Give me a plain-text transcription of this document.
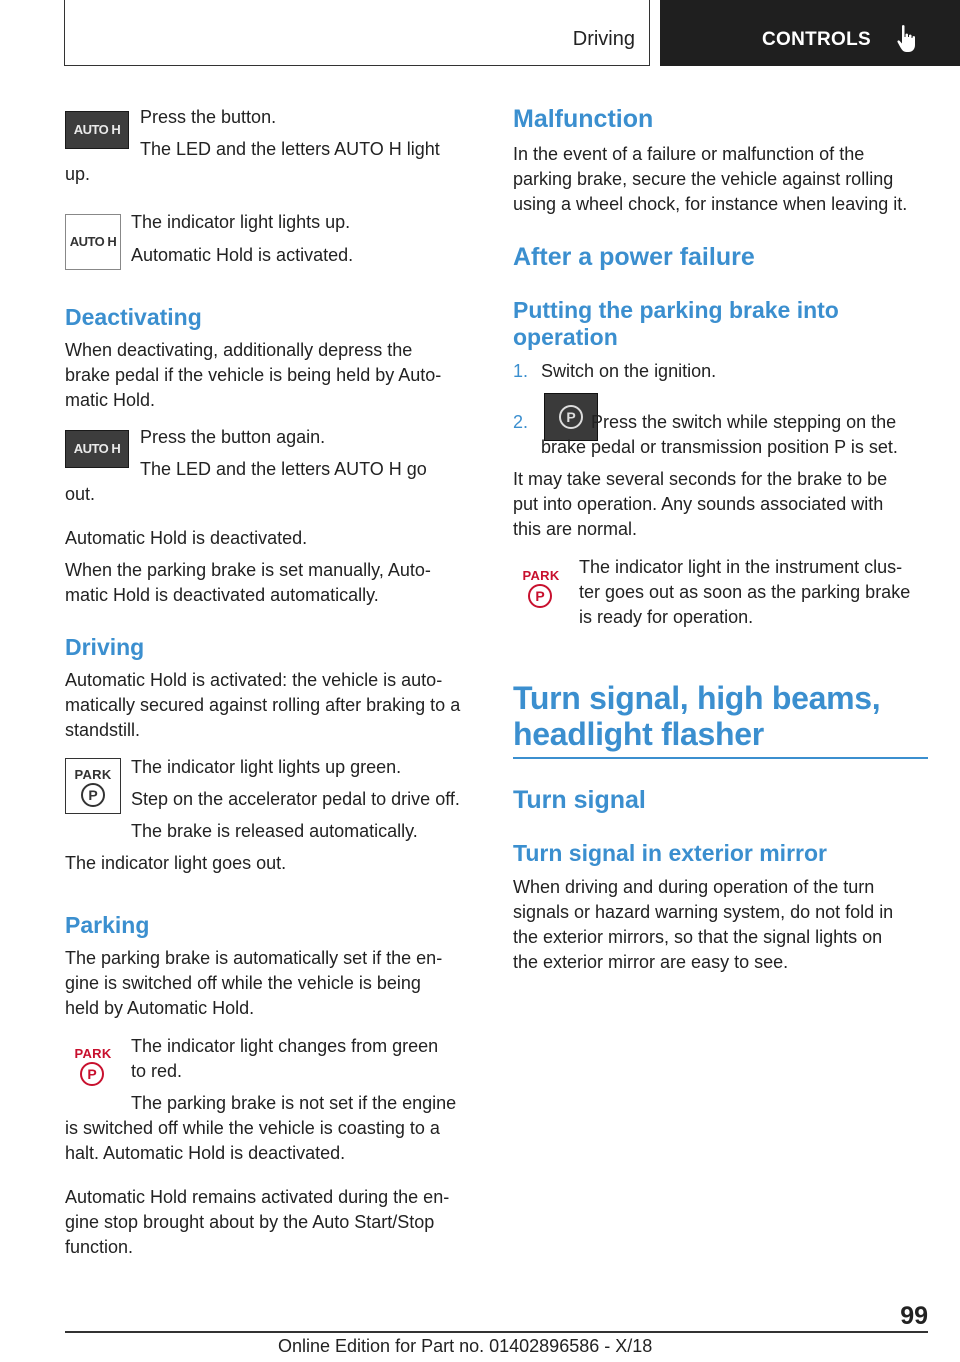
Driving	CONTROLS
AUTO H
Press the button.
The LED and the letters AUTO H light
up.
AUTO H
The indicator light lights up.
Automatic Hold is activated.
Deactivating
When deactivating, additionally depress the
brake pedal if the vehicle is being held by Auto‐
matic Hold.
AUTO H
Press the button again.
The LED and the letters AUTO H go
out.
Automatic Hold is deactivated.
When the parking brake is set manually, Auto‐
matic Hold is deactivated automatically.
Driving
Automatic Hold is activated: the vehicle is auto‐
matically secured against rolling after braking to a
standstill.
PARK
P
The indicator light lights up green.
Step on the accelerator pedal to drive off.
The brake is released automatically.
The indicator light goes out.
Parking
The parking brake is automatically set if the en‐
gine is switched off while the vehicle is being
held by Automatic Hold.
PARK
P
The indicator light changes from green
to red.
The parking brake is not set if the engine
is switched off while the vehicle is coasting to a
halt. Automatic Hold is deactivated.
Automatic Hold remains activated during the en‐
gine stop brought about by the Auto Start/Stop
function.
Malfunction
In the event of a failure or malfunction of the
parking brake, secure the vehicle against rolling
using a wheel chock, for instance when leaving it.
After a power failure
Putting the parking brake into
operation
1. Switch on the ignition.
2.	P Press the switch while stepping on the
brake pedal or transmission position P is set.
It may take several seconds for the brake to be
put into operation. Any sounds associated with
this are normal.
PARK
P
The indicator light in the instrument clus‐
ter goes out as soon as the parking brake
is ready for operation.
Turn signal, high beams,
headlight flasher
Turn signal
Turn signal in exterior mirror
When driving and during operation of the turn
signals or hazard warning system, do not fold in
the exterior mirrors, so that the signal lights on
the exterior mirror are easy to see.
99
Online Edition for Part no. 01402896586 - X/18
